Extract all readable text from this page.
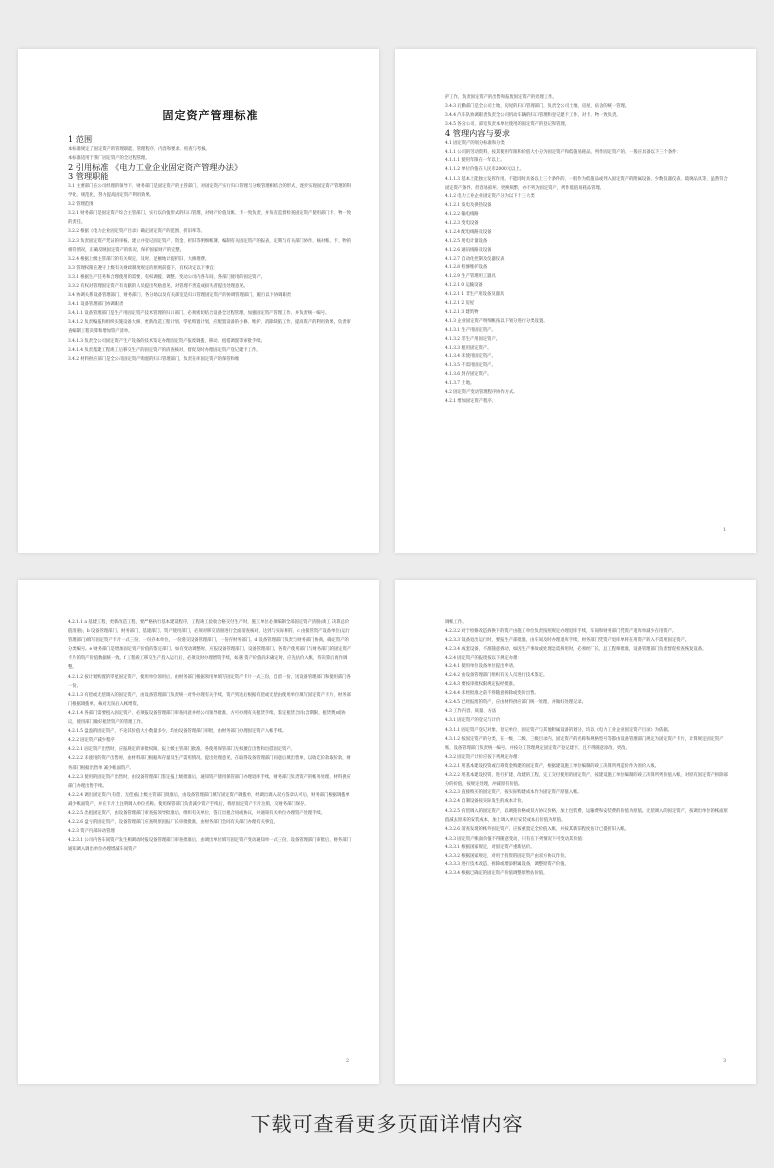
固定资产管理标准
1 范围
本标准规定了固定资产的管理职能、管理程序、内容和要求、检查与考核。
本标准适用于我厂固定资产的全过程管理。
2 引用标准 《电力工业企业固定资产管理办法》
3 管理职能
3.1 主要部门在公司经理的领导下，财务部门是固定资产的主管部门，对固定资产实行归口管理与分级管理相结合的形式，逐步实现固定资产管理的科学化、规范化、努力提高固定资产利用效果。
3.2 管理范围
3.2.1 财务部门是固定资产综合主管部门，实行以价值形式的归口管理，对财产价值及帐、卡一致负责，并负有监督检查固定资产使用部门卡、物一致的责任。
3.2.2 根据《电力企业固定资产目录》确定固定资产的范围、折旧率等。
3.2.3 负责固定资产凭证的审核，建立并登记固定资产、资金、折旧等明细帐簿，编制有关固定资产的报表，定期与有关部门协作，核对帐、卡、物的相符情况，正确反映固定资产的状况，保护国家财产的完整。
3.2.4 根据上级主管部门的有关规定，及时、足额地计提折旧、大修理费。
3.3 管理权限在遵守上级有关财政制度规定的原则前提下，有权决定以下事宜：
3.3.1 根据生产任务和合理使用的需要，有权调拨、调整、变动公司内各车间、各部门使用的固定资产。
3.3.2 有权对管理固定资产有贡献的人员提出奖励意见，对管理不善造成损失者提出处理意见。
3.4 协调关系设备管理部门、财务部门、各分场以及有关部室是归口管理固定资产的协调管理部门，履行以下协调职责
3.4.1 设备管理部门协调职责
3.4.1.1 设备管理部门是生产用固定资产技术管理的归口部门，必须密切结合设备全过程管理，加强固定资产管理工作，并负责统一编号。
3.4.1.2 负责编报和组织实施设备大修、更新改造工程计划、零星购置计划，应配置设备的小修、维护、消除缺陷工作，提高资产的利用效果，负责审查编制工程决算和增加资产清单。
3.4.1.3 负责全公司固定资产生产设备的技术鉴定办理固定资产报废调拨、移动、租借调置等审批手续。
3.4.1.4 负责基建工程竣工后移交生产的固定资产的清查核对，督促及时办理固定资产登记建卡工作。
3.4.2 材料供应部门是全公司固定资产购置的归口管理部门，负责在库固定资产的保管和维
护工作，负责固定资产的出售和报废固定资产的处理工作。
3.4.3 后勤部门是全公司土地、房屋的归口管理部门，负责全公司土地、房屋、宿舍的统一管理。
3.4.4 汽车队协调职责负责全公司机动车辆的归口管理和登记建卡工作，对卡、物一致负责。
3.4.5 各分公司、部室负责本单位使用的固定资产的登记和管理。
4 管理内容与要求
4.1 固定资产的划分标准和分类
4.1.1 公司的劳动资料，按其使用年限和价值大小分为固定资产和低值易耗品，列作固定资产的，一般应具备以下三个条件：
4.1.1.1 使用年限在一年以上。
4.1.1.2 单位价值在人民币2000元以上。
4.1.1.3 基本上能独立发挥作用。不能同时具备以上三个条件的，一般作为低值品或列入固定资产的附属设备，少数仪器仪表、玻璃品具等，虽然符合固定资产条件，但容易损坏，更换频繁，亦不列为固定资产，列作低值易耗品管理。
4.1.2 电力工业企业固定资产分为以下十三大类
4.1.2.1 发电及供热设备
4.1.2.2 输电线路
4.1.2.3 变电设备
4.1.2.4 配电线路及设备
4.1.2.5 用电计量设备
4.1.2.6 通讯线路及设备
4.1.2.7 自动化控制及仪器仪表
4.1.2.8 检修维护设备
4.1.2.9 生产管理用工器具
4.1.2.1 0 运输设备
4.1.2.1 1 非生产用设备及器具
4.1.2.1 2 房屋
4.1.2.1 3 建筑物
4.1.3 企业固定资产明细帐按以下划分进行分类设置。
4.1.3.1 生产用固定资产。
4.1.3.2 非生产用固定资产。
4.1.3.3 租用固定资产。
4.1.3.4 未使用固定资产。
4.1.3.5 不需用固定资产。
4.1.3.6 封存固定资产。
4.1.3.7 土地。
4.2 固定资产变动管理程序协作方式。
4.2.1 增加固定资产程序。
1
4.2.1.1 a 基建工程、更新改造工程，要严格执行基本建设程序，工程竣工验收合格交付生产时，施工单位必须编制全部固定资产清册(竣工 决算总价值清册)，b 设备管理部门、财务部门、基建部门、资产使用部门，必须对移交清册进行全面清查核对，达到与实际相符，c 由接管资产设备单位(运行管理部门)填写固定资产卡片一式三份，一份存本单位，一份递交设备管理部门，一份存财务部门。d 设备管理部门负责与财务部门协商，确定资产的分类编号。e 财务部门是增加固定资产价值的鉴定部门，如有变动调整时，应报设备管理部门、设备管理部门，各资产使用部门与财务部门的固定资产卡片的资产价值数据统一致。f 工程竣工移交生产投入运行后，必须及时办理增资手续，如遇 资产价值尚未确定时，应先估价入帐，待决算后再作调整。
4.2.1.2 按计划购置的零星固定资产，使用单位领用后，由财务部门根据领用单填写固定资产卡片一式三份，自留一份，送设备管理部门和使用部门各一份。
4.2.1.3 有偿或无偿调入的固定资产，由设备管理部门负责统一对外办理有关手续，资产到达后根据有偿或无偿由使用单位填写固定资产卡片，财务部门根据调拨单，核对无误后入帐增资。
4.2.1.4 各部门需要租入固定资产，必须报设备管理部门审查同意并经公司领导批准，方可办理有关租赁手续，鉴定租赁合同(含期限、租赁费)或协议，使用部门做好租赁资产的管理工作。
4.2.1.5 盘盈的固定资产，不论其价值大小数量多少，均由设备管理部门审批，由财务部门办理固定资产入帐手续。
4.2.2 固定资产减少程序
4.2.2.1 固定资产出售时，应报规定的审批权限，报上级主管部门批准，各使用保管部门无权擅自出售和出借固定资产。
4.2.2.2 未使用的资产出售时，由材料部门根据库存量及生产需用情况，提出处理意见，在取得设备管理部门同意后填出售单，以收讫价款取价款，财务部门根据出售单 减少帐面资产。
4.2.2.3 使用的固定资产出售时，由设备管理部门鉴定报上级批准后，通知资产使用保管部门办理退库手续，财务部门负责资产的帐务处理，材料供应部门办理出售手续。
4.2.2.4 调出固定资产(有偿、无偿)报上级主管部门批准后，由设备管理部门填写固定资产调拨单，经调出调入双方签章认可后，财务部门根据调拨单减少帐面资产，并在卡片上注明调入单位名称。使用保管部门负责减少资产手续后，将原固定资产卡片注销，交财务部门保存。
4.2.2.5 出租固定资产，由设备管理部门审查报领导批准后，组织有关单位，签订出租合同或协议，并通知有关单位办理资产处理手续。
4.2.2.6 盘亏的固定资产，设备管理部门应查明原因报厂长审批批准，由财务部门会同有关部门办理有关事宜。
4.2.3 资产内部异动管理
4.2.3.1 公司内各车间资产发生相调动时报设备管理部门审查批准后，由调出单位填写固定资产变动通知单一式三份，设备管理部门审批后，财务部门通知调入调出单位办理增减车间资产
2
调帐工作。
4.2.3.2 对于检修改造拆换下的资产由施工单位负责按照规定办理退库手续，车间和财务部门凭资产退库单减少在用资产。
4.2.3.3 设备退出运行时，要报生产部批准，由车间及时办理退库手续，财务部门凭资产退库单将在用资产转入不需用固定资产。
4.2.3.4 成套设备，不准随意拆动，如因生产事故或处理急需拆用时，必须经厂长，总工程师批准，设备管理部门负责督促检查恢复设备。
4.2.4 固定资产的报废按以下规定办理：
4.2.4.1 使用单位设备单位提出申请。
4.2.4.2 由设备管理部门组织有关人员进行技术鉴定。
4.2.4.3 要按审批权限规定报经批准。
4.2.4.4 未经批准之前不得随意拆除或变价出售。
4.2.4.5 已经报废的资产，应由材料供应部门统一处理，并做好处理记录。
4.3 工作内容、质量、方法
4.3.1 固定资产的登记与计价
4.3.1.1 固定资产登记对象、登记单位、固定资产与其他附属设备的划分，均以《电力工业企业固定资产目录》为依据。
4.3.1.2 按固定资产的分类，在一级、二级、三级目录内，固定资产的名称和规格型号等都由设备管理部门规定为固定资产卡片，计算规定固定资产账，设备管理部门负责统一编号，并按分工管理规定固定资产登记建卡，且不得随意涂改、更改。
4.3.2 固定资产计价应按下列规定办理：
4.3.2.1 用基本建设投资或自筹资金购建的固定资产，根据建设施工单位编制的竣工决算所列造价作为原价入账。
4.3.2.2 用基本建设投资，进行扩建、改建的工程，完工交付使用的固定资产，按建设施工单位编制的竣工决算所列价值入帐，对原有固定资产拆除部分的价值，按规定处理，冲减原有价值。
4.3.2.3 直接购买的固定资产，按实际购建成本作为固定资产原值入帐。
4.3.2.4 自制设备按实际发生的成本计价。
4.3.2.5 有偿调入的固定资产，以调拨价格或双方协议价格，加上包装费、运输费和安装费的价值为原值。无偿调入的固定资产，按调出单位的帐面原值减去原来的安装成本，加上调入单位安装成本后价值为原值。
4.3.2.6 清查发现的帐外固定资产，应按重置完全价值入帐，并按其新旧程度估计已提折旧入帐。
4.3.3 固定资产帐面价值不得随意变动，只有在下列情况下可变动其价值：
4.3.3.1 根据国家规定，对固定资产重新估价。
4.3.3.2 根据国家规定，对用于投资的固定资产由双方协议作价。
4.3.3.3 进行技术改造、拆除或增添附属设备，调整原资产价值。
4.3.3.4 根据已确定的固定资产价值调整原暂估价值。
3
下载可查看更多页面详情内容
